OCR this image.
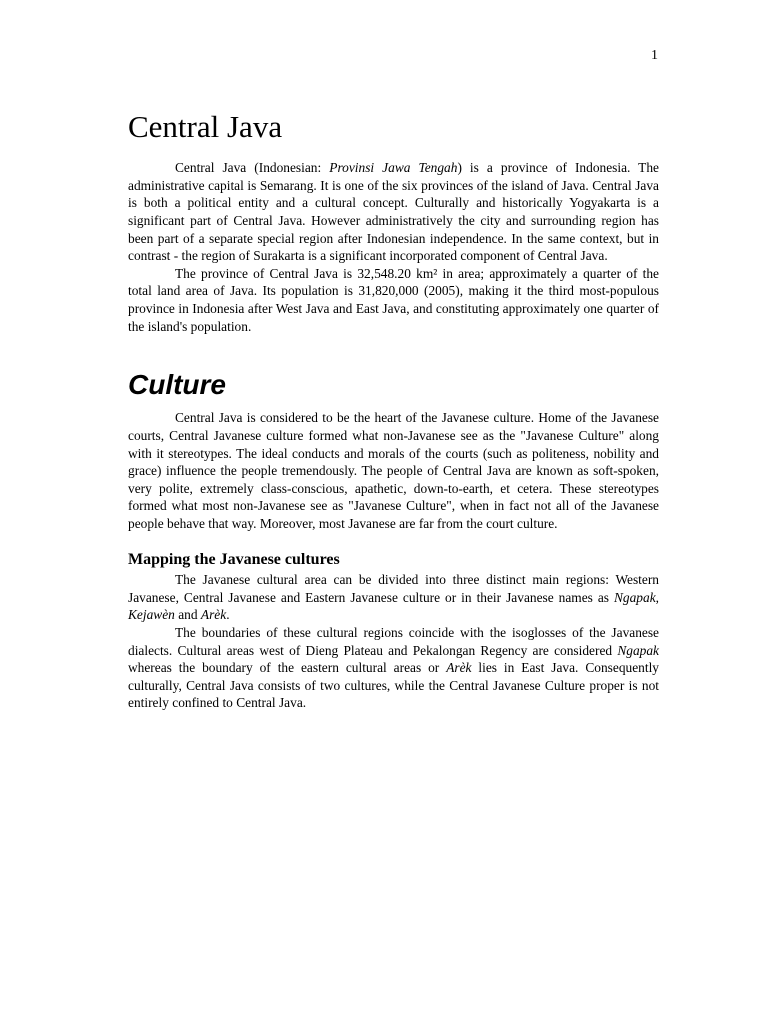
1
Central Java

Central Java (Indonesian: Provinsi Jawa Tengah) is a province of Indonesia. The administrative capital is Semarang. It is one of the six provinces of the island of Java. Central Java is both a political entity and a cultural concept. Culturally and historically Yogyakarta is a significant part of Central Java. However administratively the city and surrounding region has been part of a separate special region after Indonesian independence. In the same context, but in contrast - the region of Surakarta is a significant incorporated component of Central Java.

The province of Central Java is 32,548.20 km² in area; approximately a quarter of the total land area of Java. Its population is 31,820,000 (2005), making it the third most-populous province in Indonesia after West Java and East Java, and constituting approximately one quarter of the island's population.

Culture

Central Java is considered to be the heart of the Javanese culture. Home of the Javanese courts, Central Javanese culture formed what non-Javanese see as the "Javanese Culture" along with it stereotypes. The ideal conducts and morals of the courts (such as politeness, nobility and grace) influence the people tremendously. The people of Central Java are known as soft-spoken, very polite, extremely class-conscious, apathetic, down-to-earth, et cetera. These stereotypes formed what most non-Javanese see as "Javanese Culture", when in fact not all of the Javanese people behave that way. Moreover, most Javanese are far from the court culture.

Mapping the Javanese cultures

The Javanese cultural area can be divided into three distinct main regions: Western Javanese, Central Javanese and Eastern Javanese culture or in their Javanese names as Ngapak, Kejawèn and Arèk.

The boundaries of these cultural regions coincide with the isoglosses of the Javanese dialects. Cultural areas west of Dieng Plateau and Pekalongan Regency are considered Ngapak whereas the boundary of the eastern cultural areas or Arèk lies in East Java. Consequently culturally, Central Java consists of two cultures, while the Central Javanese Culture proper is not entirely confined to Central Java.
